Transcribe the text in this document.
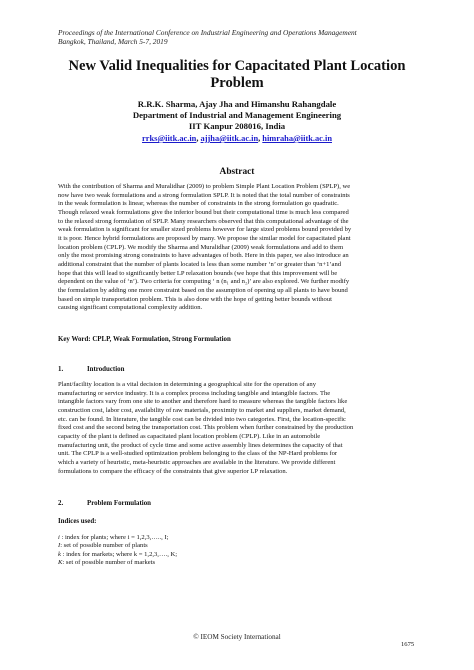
Proceedings of the International Conference on Industrial Engineering and Operations Management
Bangkok, Thailand, March 5-7, 2019
New Valid Inequalities for Capacitated Plant Location
Problem
R.R.K. Sharma, Ajay Jha and Himanshu Rahangdale
Department of Industrial and Management Engineering
IIT Kanpur 208016, India
rrks@iitk.ac.in, ajjha@iitk.ac.in, himraha@iitk.ac.in
Abstract
With the contribution of Sharma and Muralidhar (2009) to problem Simple Plant Location Problem (SPLP), we
now have two weak formulations and a strong formulation SPLP. It is noted that the total number of constraints
in the weak formulation is linear, whereas the number of constraints in the strong formulation go quadratic.
Though relaxed weak formulations give the inferior bound but their computational time is much less compared
to the relaxed strong formulation of SPLP. Many researchers observed that this computational advantage of the
weak formulation is significant for smaller sized problems however for large sized problems bound provided by
it is poor. Hence hybrid formulations are proposed by many. We propose the similar model for capacitated plant
location problem (CPLP). We modify the Sharma and Muralidhar (2009) weak formulations and add to them
only the most promising strong constraints to have advantages of both. Here in this paper, we also introduce an
additional constraint that the number of plants located is less than some number ‘n’ or greater than ‘n+1’and
hope that this will lead to significantly better LP relaxation bounds (we hope that this improvement will be
dependent on the value of ‘n’). Two criteria for computing ‘ n (n₁ and n₂)’ are also explored. We further modify
the formulation by adding one more constraint based on the assumption of opening up all plants to have bound
based on simple transportation problem. This is also done with the hope of getting better bounds without
causing significant computational complexity addition.
Key Word: CPLP, Weak Formulation, Strong Formulation
1.	Introduction
Plant/facility location is a vital decision in determining a geographical site for the operation of any
manufacturing or service industry. It is a complex process including tangible and intangible factors. The
intangible factors vary from one site to another and therefore hard to measure whereas the tangible factors like
construction cost, labor cost, availability of raw materials, proximity to market and suppliers, market demand,
etc. can be found. In literature, the tangible cost can be divided into two categories. First, the location-specific
fixed cost and the second being the transportation cost. This problem when further constrained by the production
capacity of the plant is defined as capacitated plant location problem (CPLP). Like in an automobile
manufacturing unit, the product of cycle time and some active assembly lines determines the capacity of that
unit. The CPLP is a well-studied optimization problem belonging to the class of the NP-Hard problems for
which a variety of heuristic, meta-heuristic approaches are available in the literature. We provide different
formulations to compare the efficacy of the constraints that give superior LP relaxation.
2.	Problem Formulation
Indices used:
i : index for plants; where i = 1,2,3,….., I;
I: set of possible number of plants
k : index for markets; where k = 1,2,3,…., K;
K: set of possible number of markets
© IEOM Society International
1675
